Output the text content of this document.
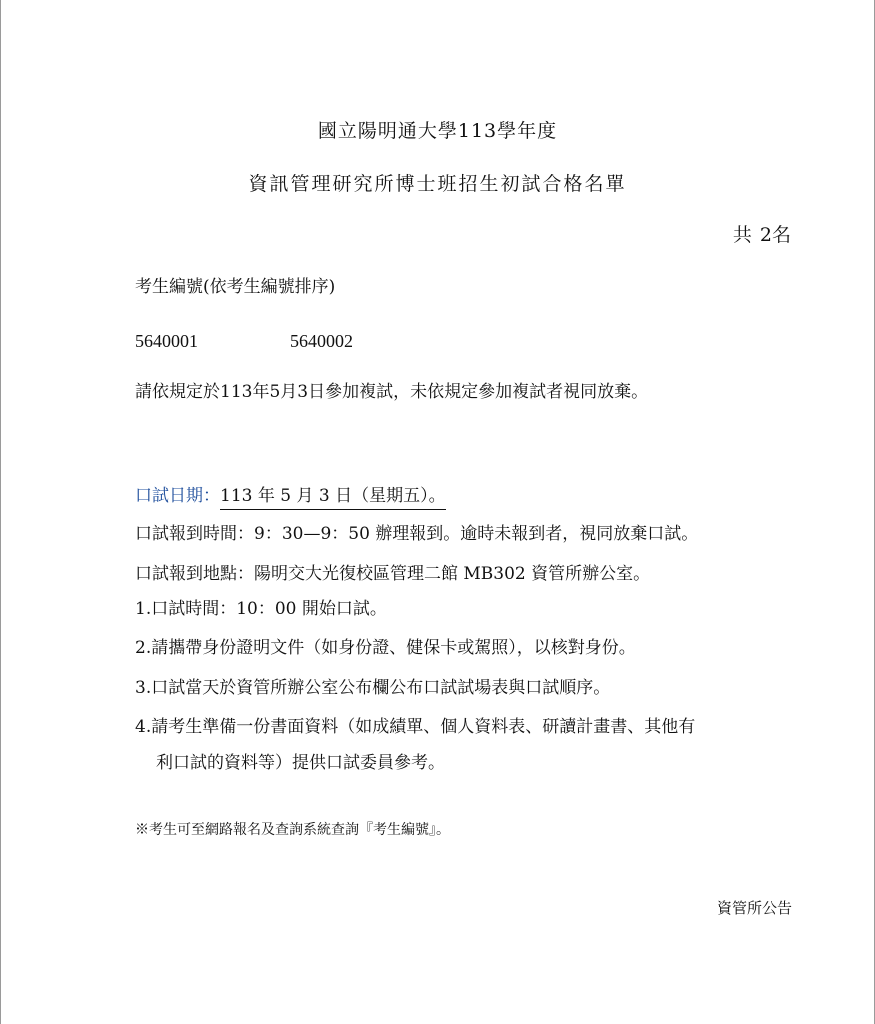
國立陽明通大學113學年度
資訊管理研究所博士班招生初試合格名單
共 2名
考生編號(依考生編號排序)
5640001	5640002
請依規定於113年5月3日參加複試，未依規定參加複試者視同放棄。
口試日期：113 年 5 月 3 日（星期五）。
口試報到時間：9：30—9：50 辦理報到。逾時未報到者，視同放棄口試。
口試報到地點：陽明交大光復校區管理二館 MB302 資管所辦公室。
1.口試時間：10：00 開始口試。
2.請攜帶身份證明文件（如身份證、健保卡或駕照），以核對身份。
3.口試當天於資管所辦公室公布欄公布口試試場表與口試順序。
4.請考生準備一份書面資料（如成績單、個人資料表、研讀計畫書、其他有
利口試的資料等）提供口試委員參考。
※考生可至網路報名及查詢系統查詢『考生編號』。
資管所公告
